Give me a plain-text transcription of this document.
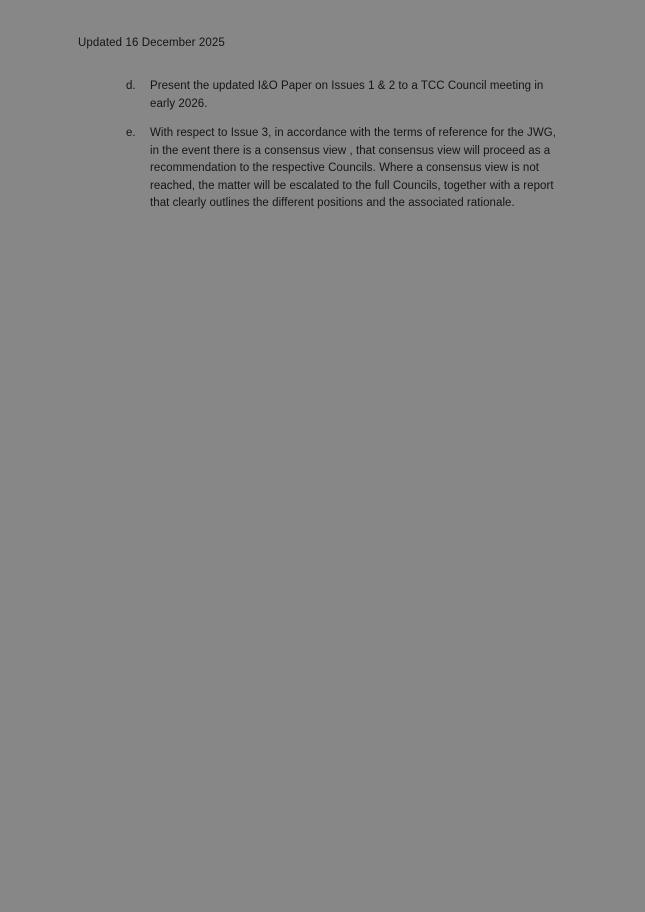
Updated 16 December 2025
d.	Present the updated I&O Paper on Issues 1 & 2 to a TCC Council meeting in early 2026.
e.	With respect to Issue 3, in accordance with the terms of reference for the JWG, in the event there is a consensus view , that consensus view will proceed as a recommendation to the respective Councils. Where a consensus view is not reached, the matter will be escalated to the full Councils, together with a report that clearly outlines the different positions and the associated rationale.
